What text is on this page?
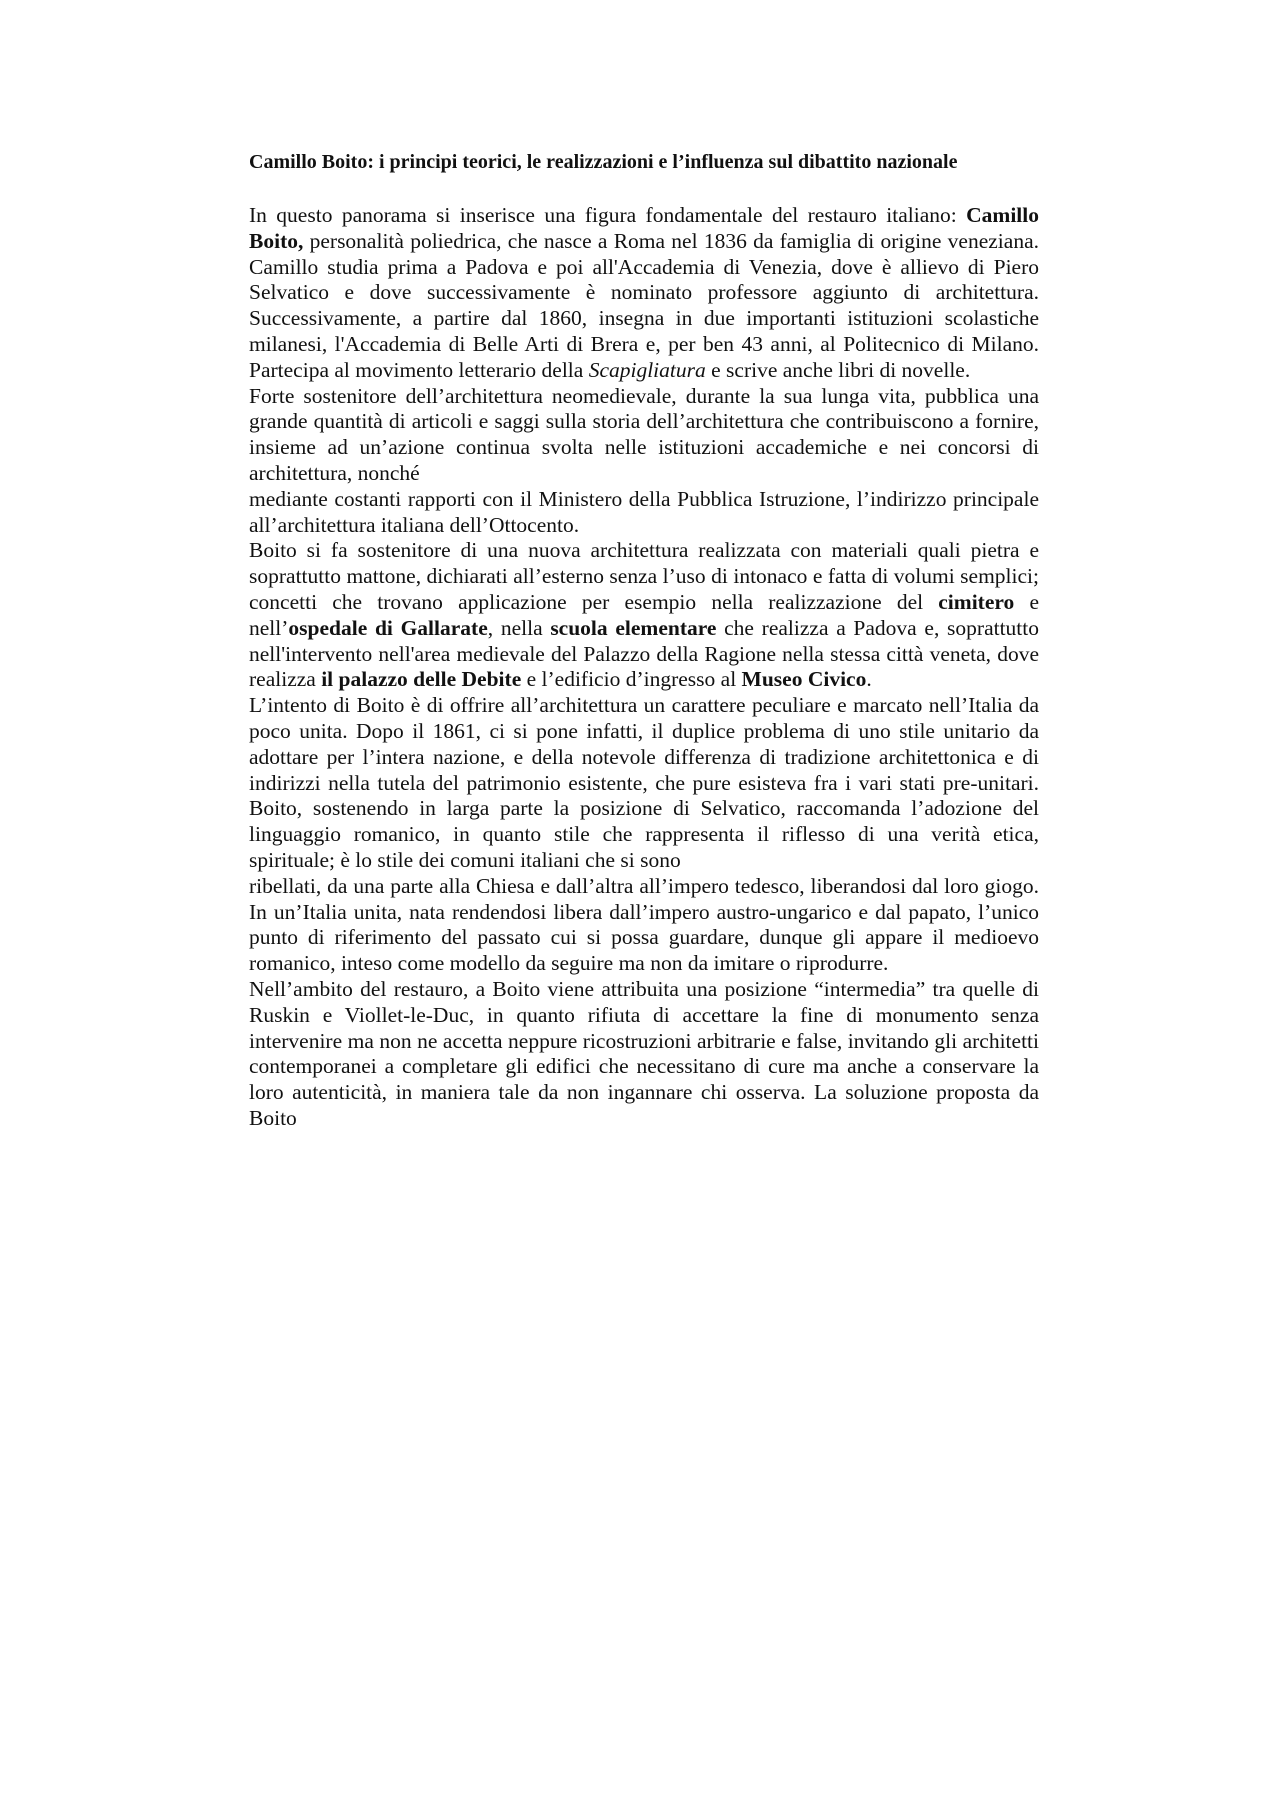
Camillo Boito: i principi teorici, le realizzazioni e l’influenza sul dibattito nazionale

In questo panorama si inserisce una figura fondamentale del restauro italiano: Camillo Boito, personalità poliedrica, che nasce a Roma nel 1836 da famiglia di origine veneziana. Camillo studia prima a Padova e poi all'Accademia di Venezia, dove è allievo di Piero Selvatico e dove successivamente è nominato professore aggiunto di architettura. Successivamente, a partire dal 1860, insegna in due importanti istituzioni scolastiche milanesi, l'Accademia di Belle Arti di Brera e, per ben 43 anni, al Politecnico di Milano. Partecipa al movimento letterario della Scapigliatura e scrive anche libri di novelle.

Forte sostenitore dell’architettura neomedievale, durante la sua lunga vita, pubblica una grande quantità di articoli e saggi sulla storia dell’architettura che contribuiscono a fornire, insieme ad un’azione continua svolta nelle istituzioni accademiche e nei concorsi di architettura, nonché
mediante costanti rapporti con il Ministero della Pubblica Istruzione, l’indirizzo principale all’architettura italiana dell’Ottocento.

Boito si fa sostenitore di una nuova architettura realizzata con materiali quali pietra e soprattutto mattone, dichiarati all’esterno senza l’uso di intonaco e fatta di volumi semplici; concetti che trovano applicazione per esempio nella realizzazione del cimitero e nell’ospedale di Gallarate, nella scuola elementare che realizza a Padova e, soprattutto nell'intervento nell'area medievale del Palazzo della Ragione nella stessa città veneta, dove realizza il palazzo delle Debite e l’edificio d’ingresso al Museo Civico.

L’intento di Boito è di offrire all’architettura un carattere peculiare e marcato nell’Italia da poco unita. Dopo il 1861, ci si pone infatti, il duplice problema di uno stile unitario da adottare per l’intera nazione, e della notevole differenza di tradizione architettonica e di indirizzi nella tutela del patrimonio esistente, che pure esisteva fra i vari stati pre-unitari. Boito, sostenendo in larga parte la posizione di Selvatico, raccomanda l’adozione del linguaggio romanico, in quanto stile che rappresenta il riflesso di una verità etica, spirituale; è lo stile dei comuni italiani che si sono
ribellati, da una parte alla Chiesa e dall’altra all’impero tedesco, liberandosi dal loro giogo. In un’Italia unita, nata rendendosi libera dall’impero austro-ungarico e dal papato, l’unico punto di riferimento del passato cui si possa guardare, dunque gli appare il medioevo romanico, inteso come modello da seguire ma non da imitare o riprodurre.

Nell’ambito del restauro, a Boito viene attribuita una posizione “intermedia” tra quelle di Ruskin e Viollet-le-Duc, in quanto rifiuta di accettare la fine di monumento senza intervenire ma non ne accetta neppure ricostruzioni arbitrarie e false, invitando gli architetti contemporanei a completare gli edifici che necessitano di cure ma anche a conservare la loro autenticità, in maniera tale da non ingannare chi osserva. La soluzione proposta da Boito
